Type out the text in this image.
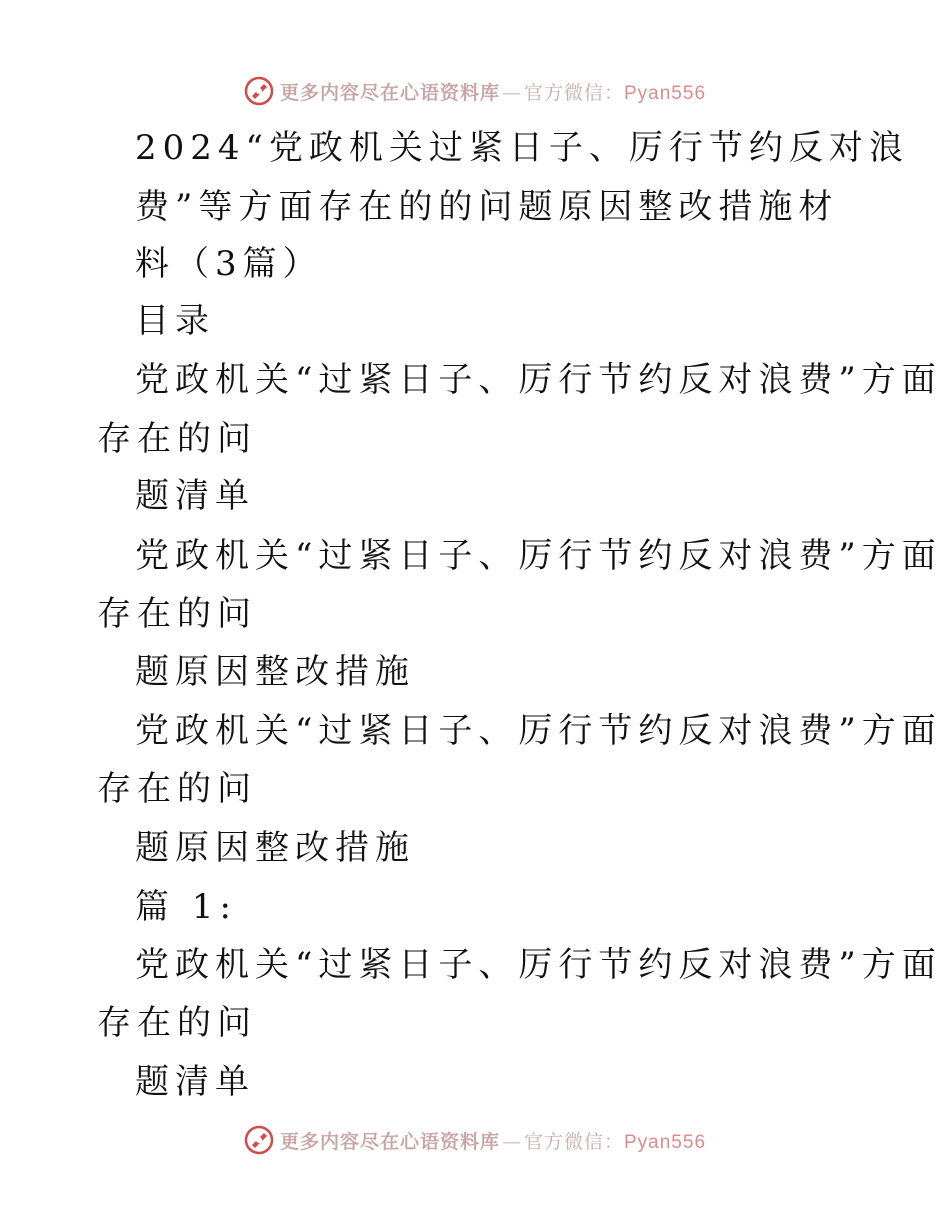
更多内容尽在心语资料库 — 官方微信：Pyan556
2024“党政机关过紧日子、厉行节约反对浪
费”等方面存在的的问题原因整改措施材
料（3篇）
目录
党政机关“过紧日子、厉行节约反对浪费”方面
存在的问
题清单
党政机关“过紧日子、厉行节约反对浪费”方面
存在的问
题原因整改措施
党政机关“过紧日子、厉行节约反对浪费”方面
存在的问
题原因整改措施
篇 1:
党政机关“过紧日子、厉行节约反对浪费”方面
存在的问
题清单
更多内容尽在心语资料库 — 官方微信：Pyan556
